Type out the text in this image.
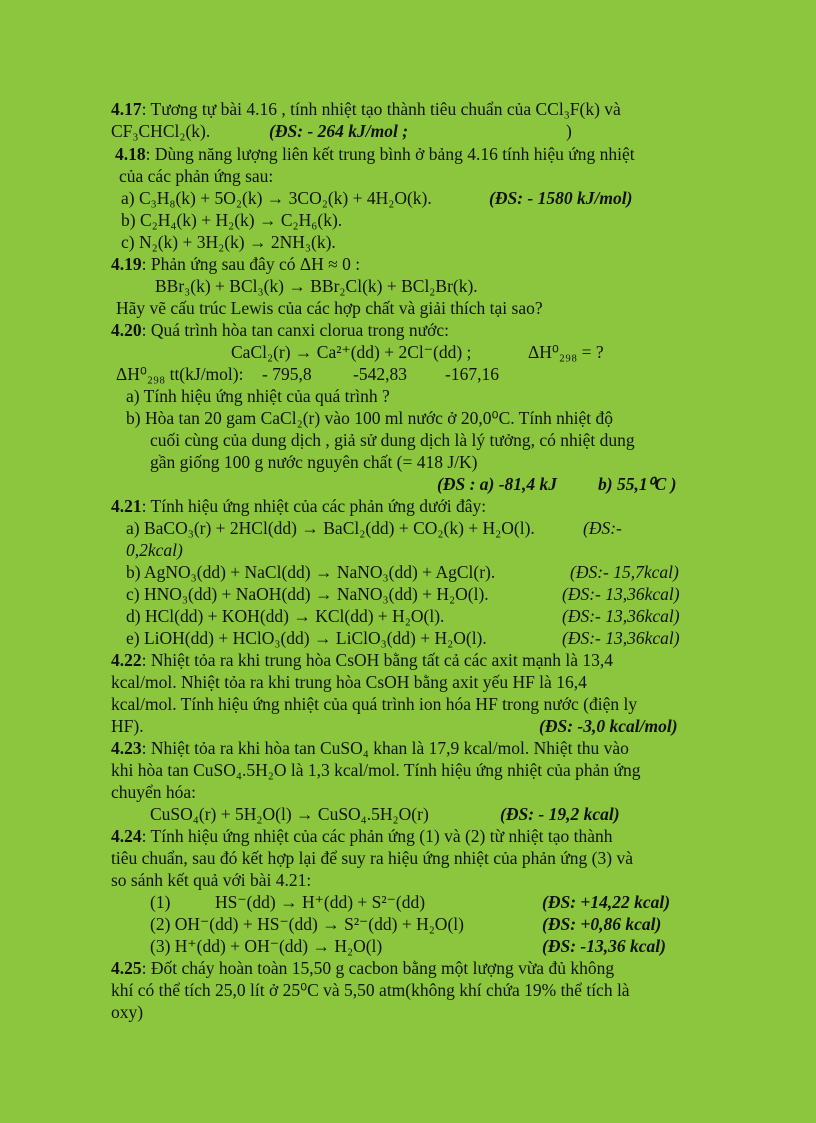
4.17: Tương tự bài 4.16 , tính nhiệt tạo thành tiêu chuẩn của CCl₃F(k) và
CF₃CHCl₂(k).	(ĐS: - 264 kJ/mol ;	)
4.18: Dùng năng lượng liên kết trung bình ở bảng 4.16 tính hiệu ứng nhiệt
của các phản ứng sau:
a) C₃H₈(k) + 5O₂(k) → 3CO₂(k) + 4H₂O(k).	(ĐS: - 1580 kJ/mol)
b) C₂H₄(k) + H₂(k) → C₂H₆(k).
c) N₂(k) + 3H₂(k) → 2NH₃(k).
4.19: Phản ứng sau đây có ΔH ≈ 0 :
BBr₃(k) + BCl₃(k) → BBr₂Cl(k) + BCl₂Br(k).
Hãy vẽ cấu trúc Lewis của các hợp chất và giải thích tại sao?
4.20: Quá trình hòa tan canxi clorua trong nước:
CaCl₂(r) → Ca²⁺(dd) + 2Cl⁻(dd) ;	ΔH⁰₂₉₈ = ?
ΔH⁰₂₉₈ tt(kJ/mol): - 795,8 -542,83 -167,16
a) Tính hiệu ứng nhiệt của quá trình ?
b) Hòa tan 20 gam CaCl₂(r) vào 100 ml nước ở 20,0⁰C. Tính nhiệt độ
cuối cùng của dung dịch , giả sử dung dịch là lý tưởng, có nhiệt dung
gần giống 100 g nước nguyên chất (= 418 J/K)
(ĐS : a) -81,4 kJ b) 55,1⁰C )
4.21: Tính hiệu ứng nhiệt của các phản ứng dưới đây:
a) BaCO₃(r) + 2HCl(dd) → BaCl₂(dd) + CO₂(k) + H₂O(l).	(ĐS:-
0,2kcal)
b) AgNO₃(dd) + NaCl(dd) → NaNO₃(dd) + AgCl(r).	(ĐS:- 15,7kcal)
c) HNO₃(dd) + NaOH(dd) → NaNO₃(dd) + H₂O(l).	(ĐS:- 13,36kcal)
d) HCl(dd) + KOH(dd) → KCl(dd) + H₂O(l).	(ĐS:- 13,36kcal)
e) LiOH(dd) + HClO₃(dd) → LiClO₃(dd) + H₂O(l).	(ĐS:- 13,36kcal)
4.22: Nhiệt tỏa ra khi trung hòa CsOH bằng tất cả các axit mạnh là 13,4
kcal/mol. Nhiệt tỏa ra khi trung hòa CsOH bằng axit yếu HF là 16,4
kcal/mol. Tính hiệu ứng nhiệt của quá trình ion hóa HF trong nước (điện ly
HF).	(ĐS: -3,0 kcal/mol)
4.23: Nhiệt tỏa ra khi hòa tan CuSO₄ khan là 17,9 kcal/mol. Nhiệt thu vào
khi hòa tan CuSO₄.5H₂O là 1,3 kcal/mol. Tính hiệu ứng nhiệt của phản ứng
chuyển hóa:
CuSO₄(r) + 5H₂O(l) → CuSO₄.5H₂O(r)	(ĐS: - 19,2 kcal)
4.24: Tính hiệu ứng nhiệt của các phản ứng (1) và (2) từ nhiệt tạo thành
tiêu chuẩn, sau đó kết hợp lại để suy ra hiệu ứng nhiệt của phản ứng (3) và
so sánh kết quả với bài 4.21:
(1)	HS⁻(dd) → H⁺(dd) + S²⁻(dd)	(ĐS: +14,22 kcal)
(2) OH⁻(dd) + HS⁻(dd) → S²⁻(dd) + H₂O(l)	(ĐS: +0,86 kcal)
(3) H⁺(dd) + OH⁻(dd) → H₂O(l)	(ĐS: -13,36 kcal)
4.25: Đốt cháy hoàn toàn 15,50 g cacbon bằng một lượng vừa đủ không
khí có thể tích 25,0 lít ở 25⁰C và 5,50 atm(không khí chứa 19% thể tích là
oxy)
